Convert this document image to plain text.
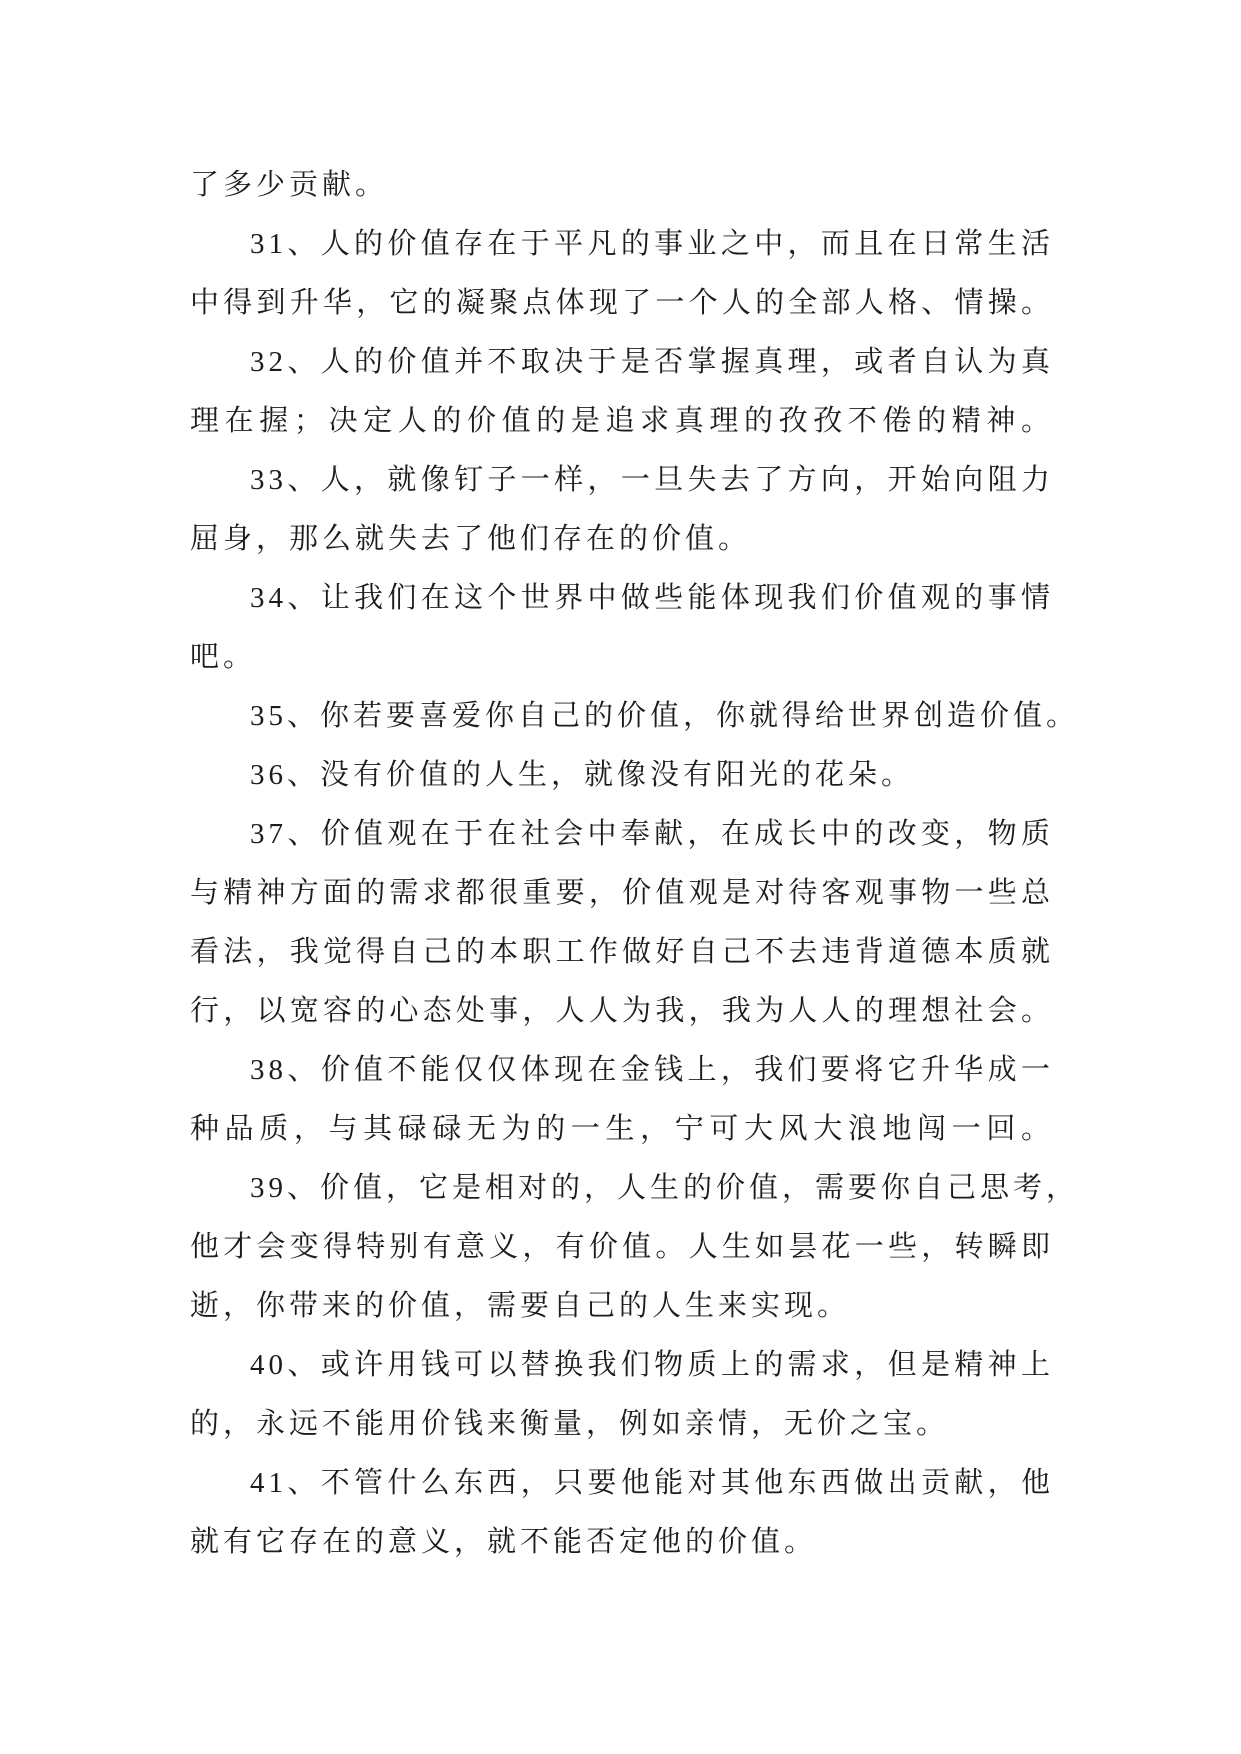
了多少贡献。
31、人的价值存在于平凡的事业之中，而且在日常生活
中得到升华，它的凝聚点体现了一个人的全部人格、情操。
32、人的价值并不取决于是否掌握真理，或者自认为真
理在握；决定人的价值的是追求真理的孜孜不倦的精神。
33、人，就像钉子一样，一旦失去了方向，开始向阻力
屈身，那么就失去了他们存在的价值。
34、让我们在这个世界中做些能体现我们价值观的事情
吧。
35、你若要喜爱你自己的价值，你就得给世界创造价值。
36、没有价值的人生，就像没有阳光的花朵。
37、价值观在于在社会中奉献，在成长中的改变，物质
与精神方面的需求都很重要，价值观是对待客观事物一些总
看法，我觉得自己的本职工作做好自己不去违背道德本质就
行，以宽容的心态处事，人人为我，我为人人的理想社会。
38、价值不能仅仅体现在金钱上，我们要将它升华成一
种品质，与其碌碌无为的一生，宁可大风大浪地闯一回。
39、价值，它是相对的，人生的价值，需要你自己思考，
他才会变得特别有意义，有价值。人生如昙花一些，转瞬即
逝，你带来的价值，需要自己的人生来实现。
40、或许用钱可以替换我们物质上的需求，但是精神上
的，永远不能用价钱来衡量，例如亲情，无价之宝。
41、不管什么东西，只要他能对其他东西做出贡献，他
就有它存在的意义，就不能否定他的价值。
